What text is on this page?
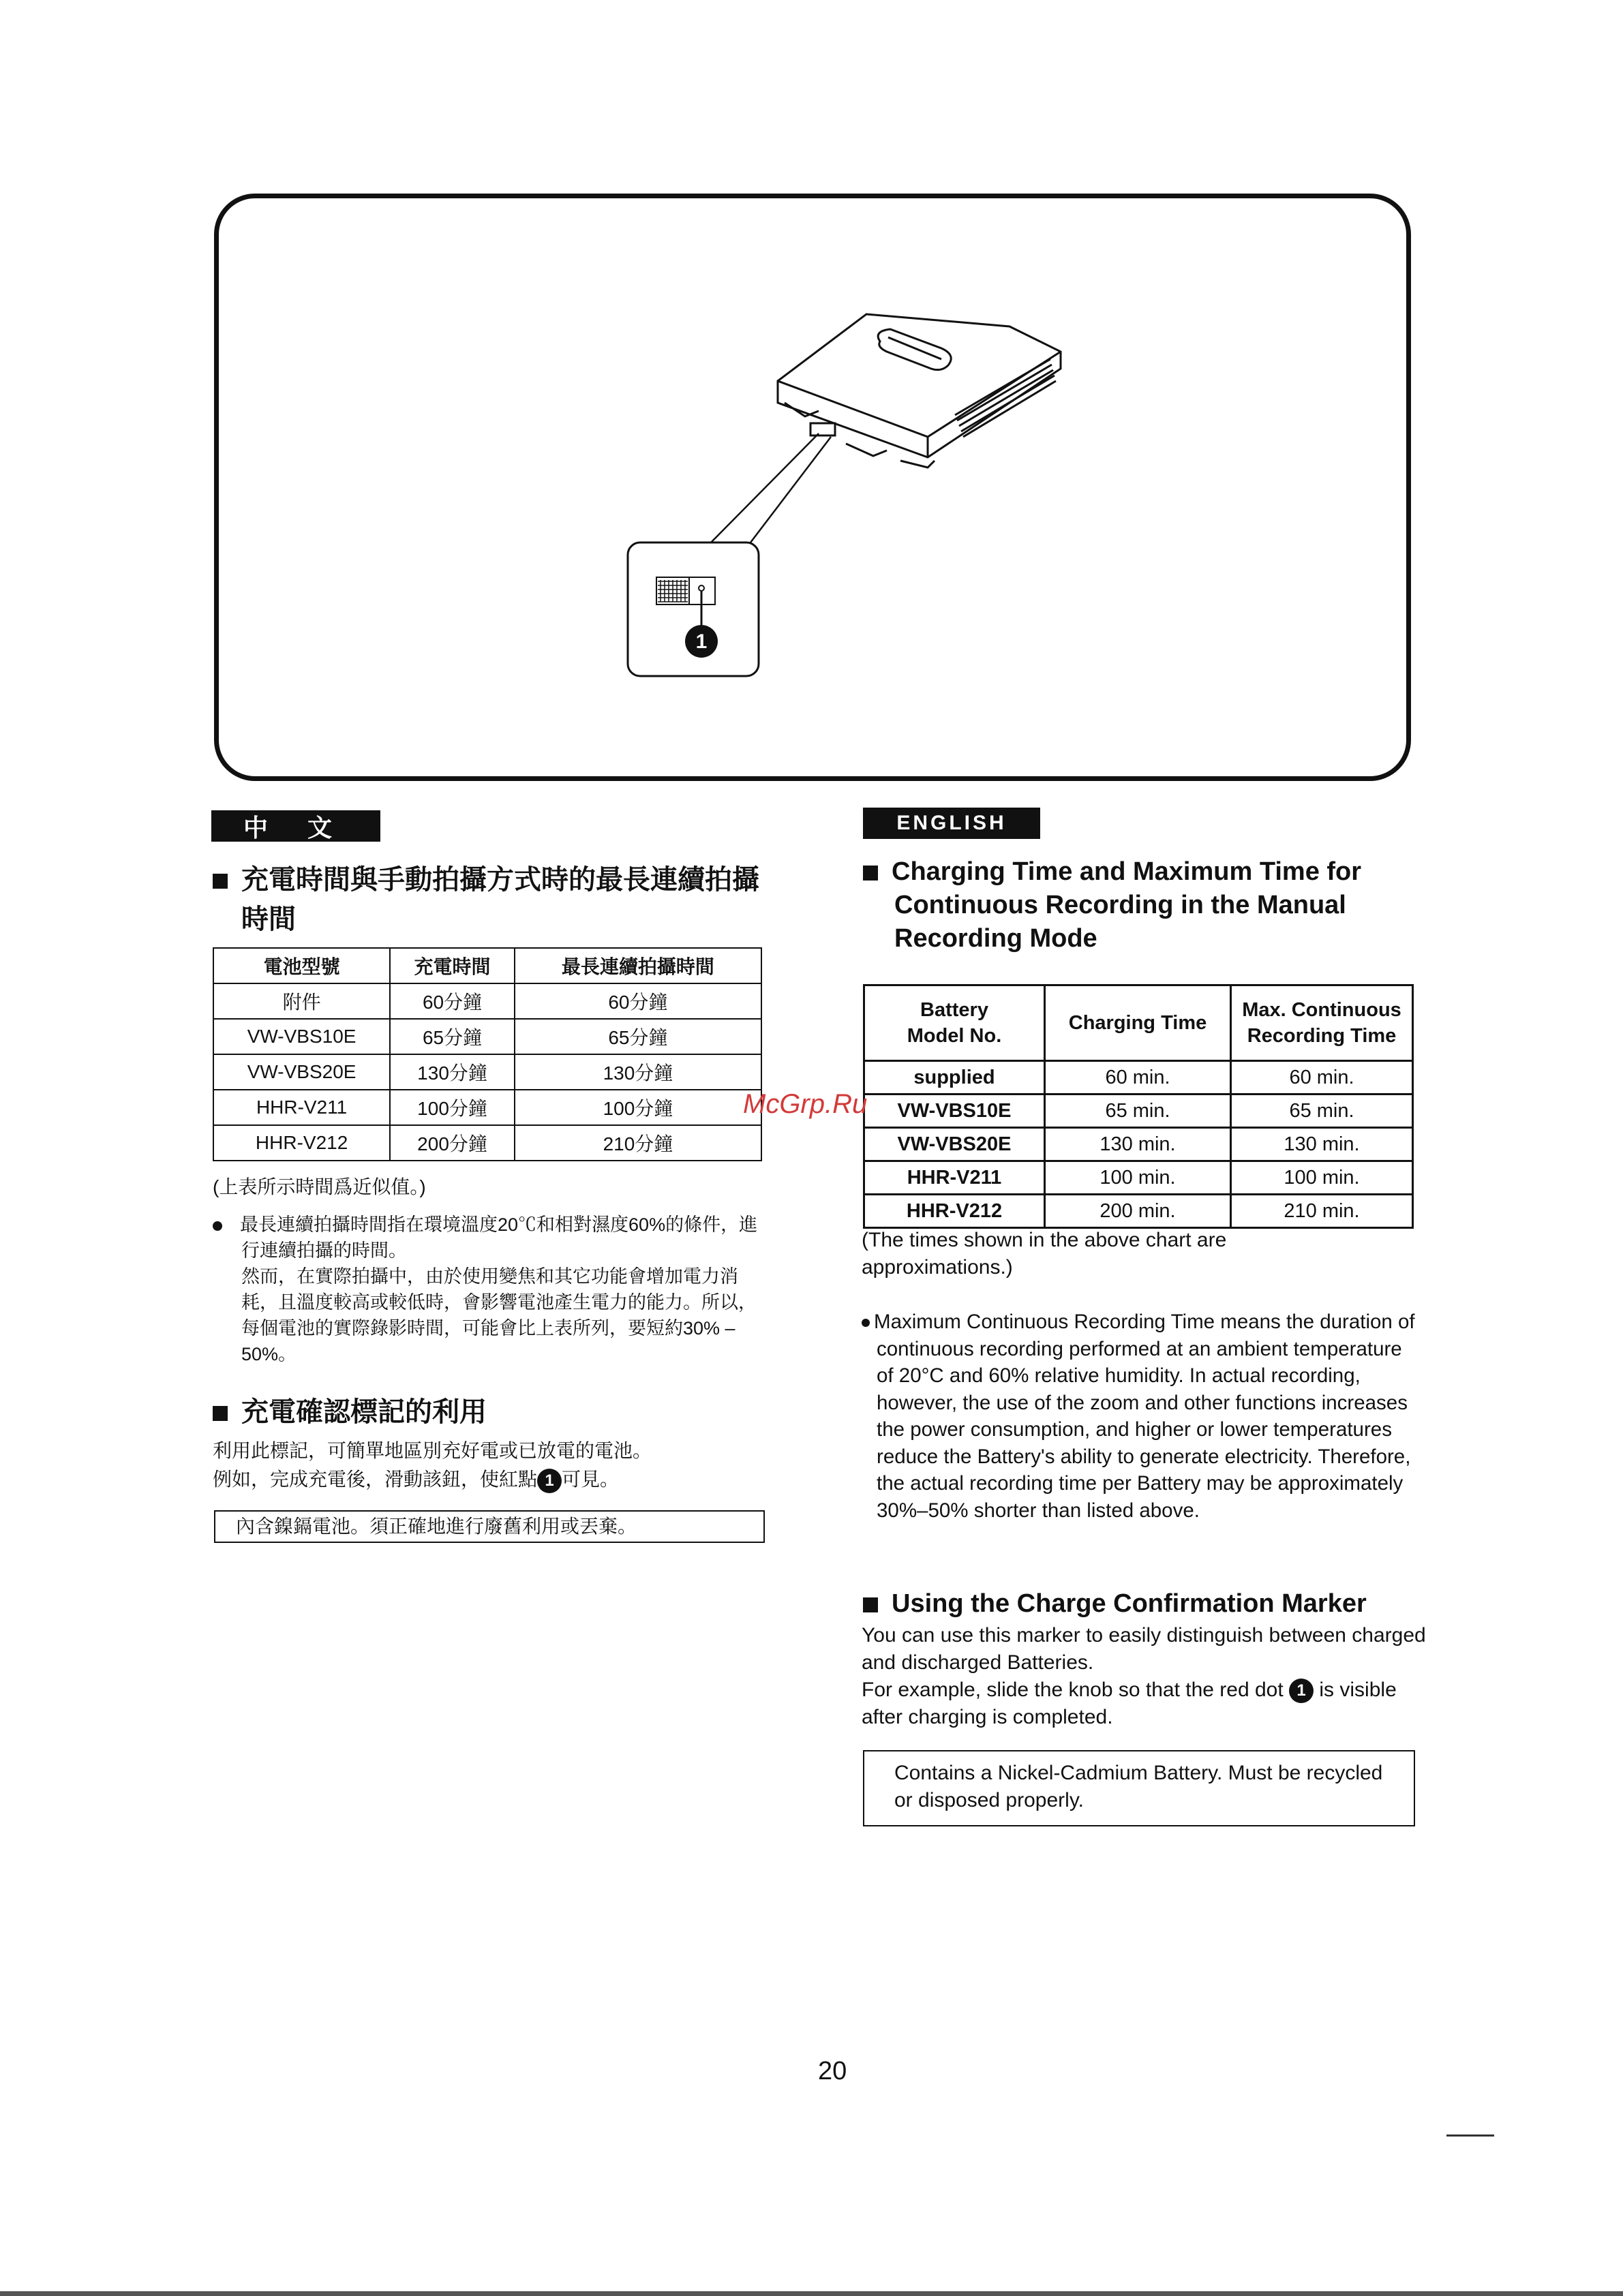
1
中 文
充電時間與手動拍攝方式時的最長連續拍攝
時間
電池型號	充電時間	最長連續拍攝時間
附件	60分鐘	60分鐘
VW-VBS10E	65分鐘	65分鐘
VW-VBS20E	130分鐘	130分鐘
HHR-V211	100分鐘	100分鐘
HHR-V212	200分鐘	210分鐘
(上表所示時間爲近似值。)
最長連續拍攝時間指在環境溫度20℃和相對濕度60%的條件，進行連續拍攝的時間。
然而，在實際拍攝中，由於使用變焦和其它功能會增加電力消耗，且溫度較高或較低時，會影響電池產生電力的能力。所以，每個電池的實際錄影時間，可能會比上表所列，要短約30% – 50%。
充電確認標記的利用
利用此標記，可簡單地區別充好電或已放電的電池。
例如，完成充電後，滑動該鈕，使紅點 1 可見。
內含鎳鎘電池。須正確地進行廢舊利用或丟棄。
ENGLISH
Charging Time and Maximum Time for
Continuous Recording in the Manual
Recording Mode
Battery
Model No.	Charging Time	Max. Continuous
Recording Time
supplied	60 min.	60 min.
VW-VBS10E	65 min.	65 min.
VW-VBS20E	130 min.	130 min.
HHR-V211	100 min.	100 min.
HHR-V212	200 min.	210 min.
(The times shown in the above chart are approximations.)

Maximum Continuous Recording Time means the duration of continuous recording performed at an ambient temperature of 20°C and 60% relative humidity. In actual recording, however, the use of the zoom and other functions increases the power consumption, and higher or lower temperatures reduce the Battery's ability to generate electricity. Therefore, the actual recording time per Battery may be approximately 30%–50% shorter than listed above.

Using the Charge Confirmation Marker
You can use this marker to easily distinguish between charged and discharged Batteries.
For example, slide the knob so that the red dot 1 is visible after charging is completed.
Contains a Nickel-Cadmium Battery. Must be recycled or disposed properly.
McGrp.Ru
20
